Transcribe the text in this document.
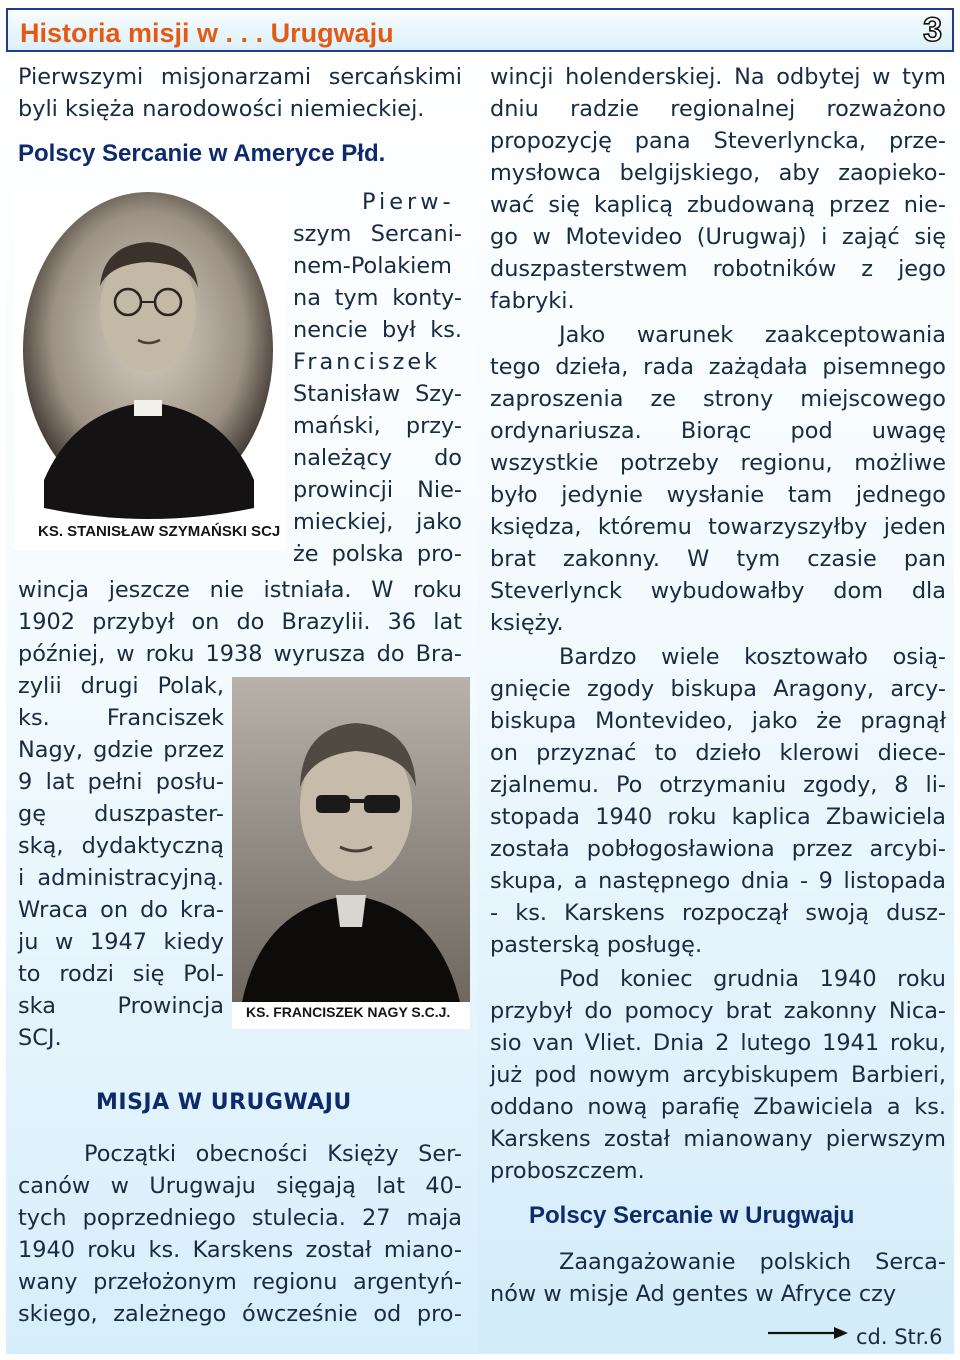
Historia misji w . . . Urugwaju	3
Pierwszymi misjonarzami sercańskimi
byli księża narodowości niemieckiej.
Polscy Sercanie w Ameryce Płd.
KS. STANISŁAW SZYMAŃSKI SCJ
Pierw-
szym Sercani-
nem-Polakiem
na tym konty-
nencie był ks.
Franciszek
Stanisław Szy-
mański, przy-
należący do
prowincji Nie-
mieckiej, jako
że polska pro-
wincja jeszcze nie istniała. W roku
1902 przybył on do Brazylii. 36 lat
później, w roku 1938 wyrusza do Bra-
zylii drugi Polak,
ks. Franciszek
Nagy, gdzie przez
9 lat pełni posłu-
gę duszpaster-
ską, dydaktyczną
i administracyjną.
Wraca on do kra-
ju w 1947 kiedy
to rodzi się Pol-
ska Prowincja
SCJ.
KS. FRANCISZEK NAGY S.C.J.
MISJA W URUGWAJU
Początki obecności Księży Ser-
canów w Urugwaju sięgają lat 40-
tych poprzedniego stulecia. 27 maja
1940 roku ks. Karskens został miano-
wany przełożonym regionu argentyń-
skiego, zależnego ówcześnie od pro-
wincji holenderskiej. Na odbytej w tym
dniu radzie regionalnej rozważono
propozycję pana Steverlyncka, prze-
mysłowca belgijskiego, aby zaopieko-
wać się kaplicą zbudowaną przez nie-
go w Motevideo (Urugwaj) i zająć się
duszpasterstwem robotników z jego
fabryki.
Jako warunek zaakceptowania
tego dzieła, rada zażądała pisemnego
zaproszenia ze strony miejscowego
ordynariusza. Biorąc pod uwagę
wszystkie potrzeby regionu, możliwe
było jedynie wysłanie tam jednego
księdza, któremu towarzyszyłby jeden
brat zakonny. W tym czasie pan
Steverlynck wybudowałby dom dla
księży.
Bardzo wiele kosztowało osią-
gnięcie zgody biskupa Aragony, arcy-
biskupa Montevideo, jako że pragnął
on przyznać to dzieło klerowi diece-
zjalnemu. Po otrzymaniu zgody, 8 li-
stopada 1940 roku kaplica Zbawiciela
została pobłogosławiona przez arcybi-
skupa, a następnego dnia - 9 listopada
- ks. Karskens rozpoczął swoją dusz-
pasterską posługę.
Pod koniec grudnia 1940 roku
przybył do pomocy brat zakonny Nica-
sio van Vliet. Dnia 2 lutego 1941 roku,
już pod nowym arcybiskupem Barbieri,
oddano nową parafię Zbawiciela a ks.
Karskens został mianowany pierwszym
proboszczem.
Polscy Sercanie w Urugwaju
Zaangażowanie polskich Serca-
nów w misje Ad gentes w Afryce czy
cd. Str.6
